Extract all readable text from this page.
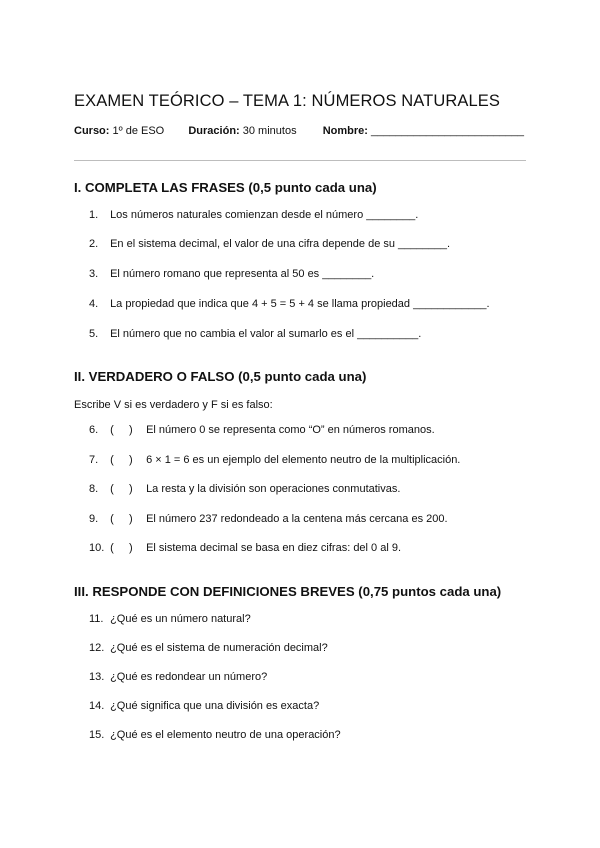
EXAMEN TEÓRICO – TEMA 1: NÚMEROS NATURALES
Curso: 1º de ESO Duración: 30 minutos Nombre: _________________________
I. COMPLETA LAS FRASES (0,5 punto cada una)
1. Los números naturales comienzan desde el número ________.
2. En el sistema decimal, el valor de una cifra depende de su ________.
3. El número romano que representa al 50 es ________.
4. La propiedad que indica que 4 + 5 = 5 + 4 se llama propiedad ____________.
5. El número que no cambia el valor al sumarlo es el __________.
II. VERDADERO O FALSO (0,5 punto cada una)
Escribe V si es verdadero y F si es falso:
6. (     ) El número 0 se representa como “O” en números romanos.
7. (     ) 6 × 1 = 6 es un ejemplo del elemento neutro de la multiplicación.
8. (     ) La resta y la división son operaciones conmutativas.
9. (     ) El número 237 redondeado a la centena más cercana es 200.
10. (     ) El sistema decimal se basa en diez cifras: del 0 al 9.
III. RESPONDE CON DEFINICIONES BREVES (0,75 puntos cada una)
11. ¿Qué es un número natural?
12. ¿Qué es el sistema de numeración decimal?
13. ¿Qué es redondear un número?
14. ¿Qué significa que una división es exacta?
15. ¿Qué es el elemento neutro de una operación?
